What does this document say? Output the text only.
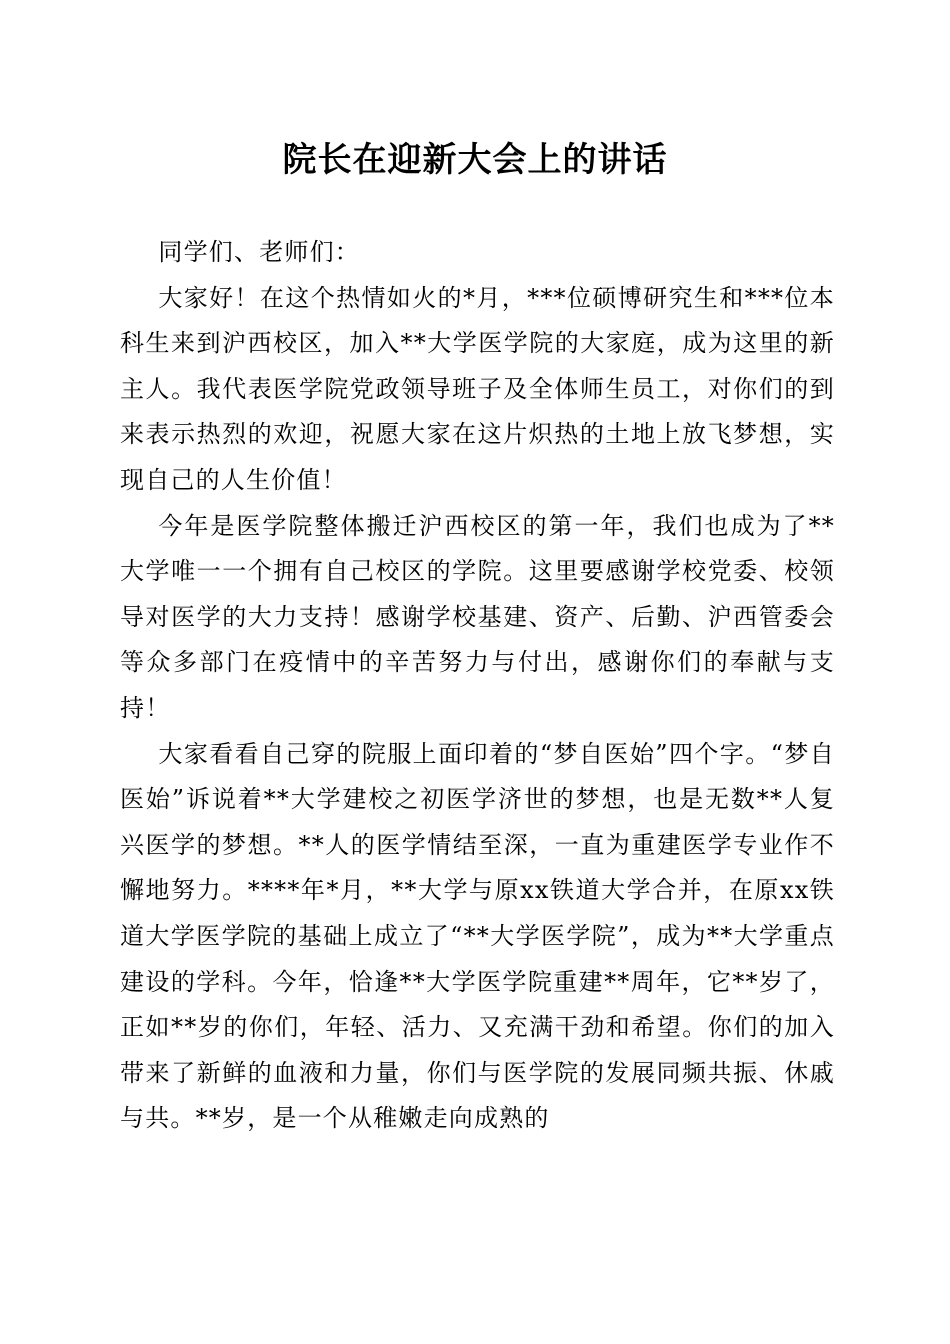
院长在迎新大会上的讲话

同学们、老师们：

大家好！在这个热情如火的*月，***位硕博研究生和***位本科生来到沪西校区，加入**大学医学院的大家庭，成为这里的新主人。我代表医学院党政领导班子及全体师生员工，对你们的到来表示热烈的欢迎，祝愿大家在这片炽热的土地上放飞梦想，实现自己的人生价值！

今年是医学院整体搬迁沪西校区的第一年，我们也成为了**大学唯一一个拥有自己校区的学院。这里要感谢学校党委、校领导对医学的大力支持！感谢学校基建、资产、后勤、沪西管委会等众多部门在疫情中的辛苦努力与付出，感谢你们的奉献与支持！

大家看看自己穿的院服上面印着的“梦自医始”四个字。“梦自医始”诉说着**大学建校之初医学济世的梦想，也是无数**人复兴医学的梦想。**人的医学情结至深，一直为重建医学专业作不懈地努力。****年*月，**大学与原xx铁道大学合并，在原xx铁道大学医学院的基础上成立了“**大学医学院”，成为**大学重点建设的学科。今年，恰逢**大学医学院重建**周年，它**岁了，正如**岁的你们，年轻、活力、又充满干劲和希望。你们的加入带来了新鲜的血液和力量，你们与医学院的发展同频共振、休戚与共。**岁，是一个从稚嫩走向成熟的
